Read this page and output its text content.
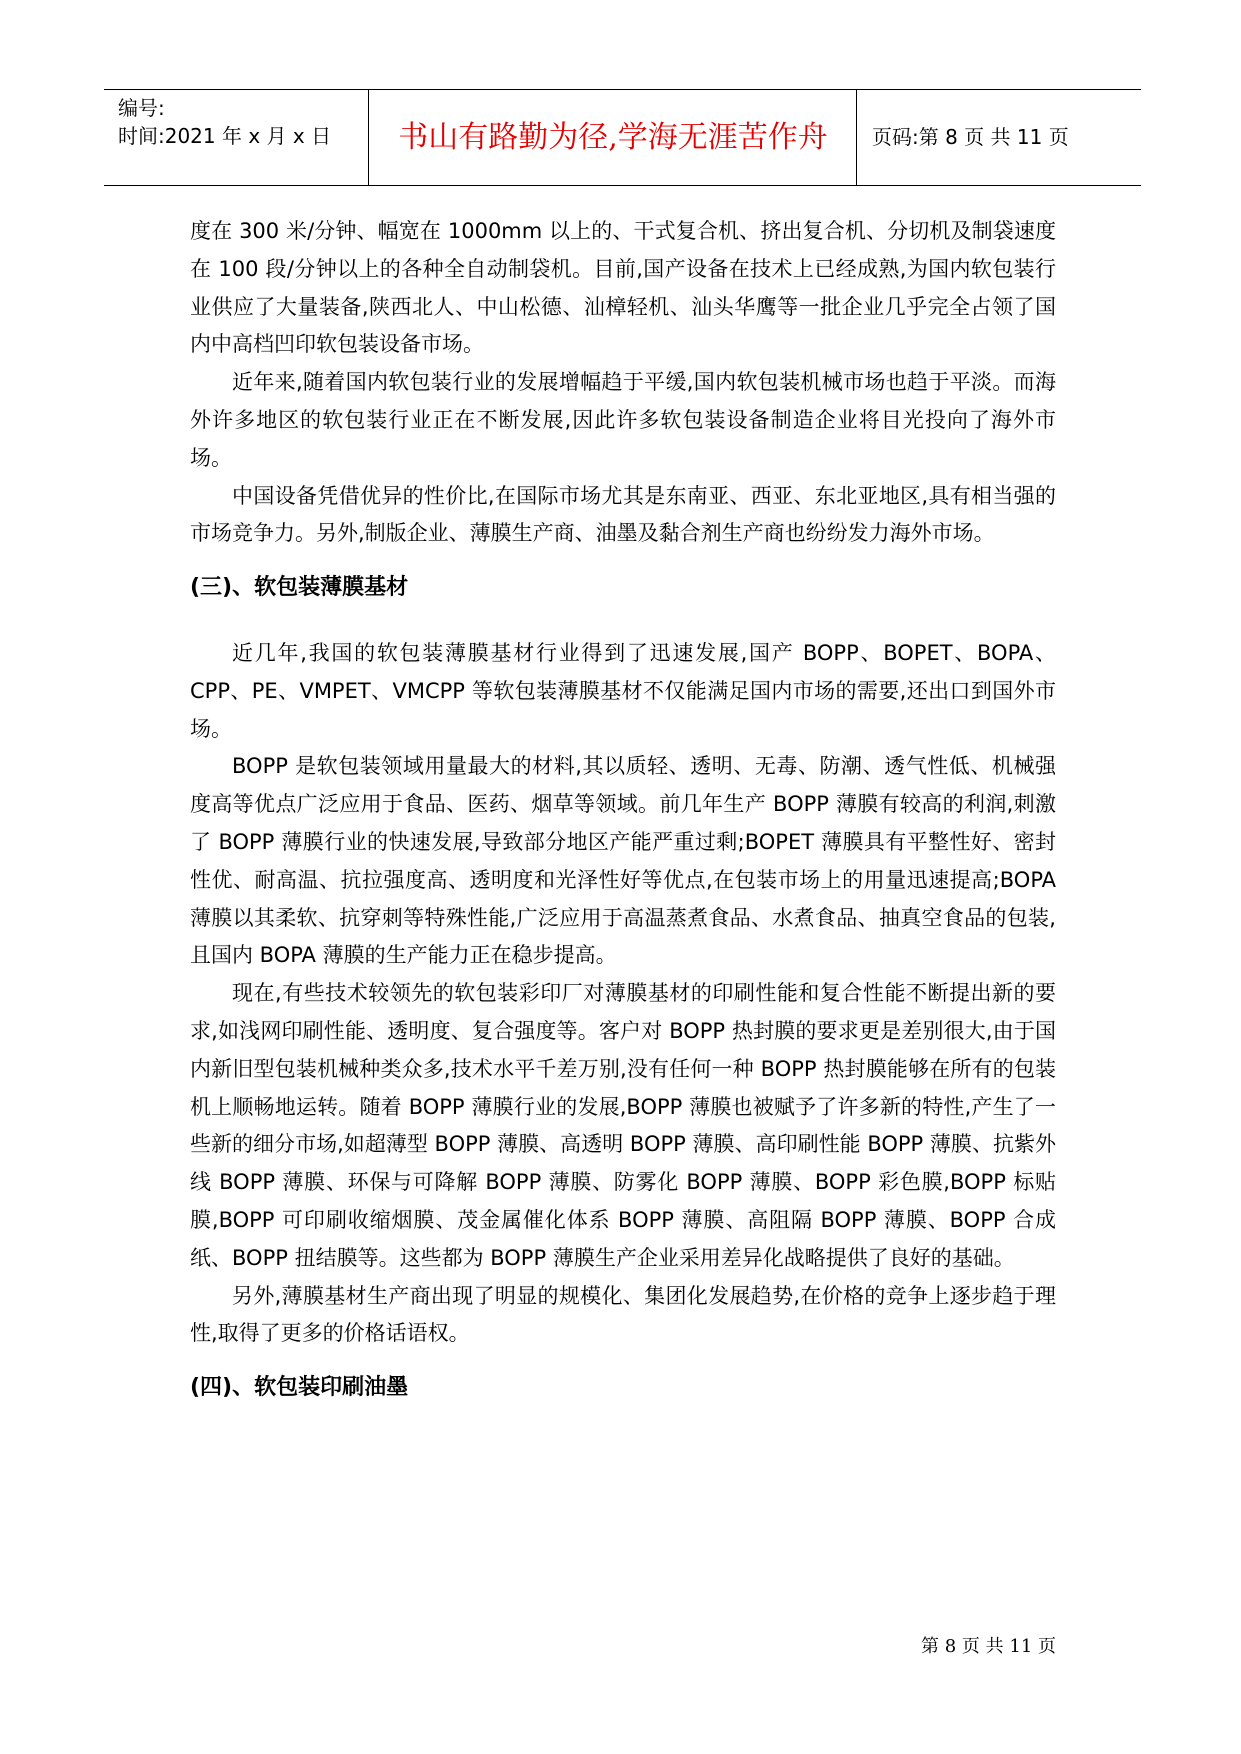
编号:
时间:2021 年 x 月 x 日	书山有路勤为径,学海无涯苦作舟	页码:第 8 页 共 11 页

度在 300 米/分钟、幅宽在 1000mm 以上的、干式复合机、挤出复合机、分切机及制袋速度在 100 段/分钟以上的各种全自动制袋机。目前,国产设备在技术上已经成熟,为国内软包装行业供应了大量装备,陕西北人、中山松德、汕樟轻机、汕头华鹰等一批企业几乎完全占领了国内中高档凹印软包装设备市场。

近年来,随着国内软包装行业的发展增幅趋于平缓,国内软包装机械市场也趋于平淡。而海外许多地区的软包装行业正在不断发展,因此许多软包装设备制造企业将目光投向了海外市场。

中国设备凭借优异的性价比,在国际市场尤其是东南亚、西亚、东北亚地区,具有相当强的市场竞争力。另外,制版企业、薄膜生产商、油墨及黏合剂生产商也纷纷发力海外市场。

(三)、软包装薄膜基材

近几年,我国的软包装薄膜基材行业得到了迅速发展,国产 BOPP、BOPET、BOPA、CPP、PE、VMPET、VMCPP 等软包装薄膜基材不仅能满足国内市场的需要,还出口到国外市场。

BOPP 是软包装领域用量最大的材料,其以质轻、透明、无毒、防潮、透气性低、机械强度高等优点广泛应用于食品、医药、烟草等领域。前几年生产 BOPP 薄膜有较高的利润,刺激了 BOPP 薄膜行业的快速发展,导致部分地区产能严重过剩;BOPET 薄膜具有平整性好、密封性优、耐高温、抗拉强度高、透明度和光泽性好等优点,在包装市场上的用量迅速提高;BOPA 薄膜以其柔软、抗穿刺等特殊性能,广泛应用于高温蒸煮食品、水煮食品、抽真空食品的包装,且国内 BOPA 薄膜的生产能力正在稳步提高。

现在,有些技术较领先的软包装彩印厂对薄膜基材的印刷性能和复合性能不断提出新的要求,如浅网印刷性能、透明度、复合强度等。客户对 BOPP 热封膜的要求更是差别很大,由于国内新旧型包装机械种类众多,技术水平千差万别,没有任何一种 BOPP 热封膜能够在所有的包装机上顺畅地运转。随着 BOPP 薄膜行业的发展,BOPP 薄膜也被赋予了许多新的特性,产生了一些新的细分市场,如超薄型 BOPP 薄膜、高透明 BOPP 薄膜、高印刷性能 BOPP 薄膜、抗紫外线 BOPP 薄膜、环保与可降解 BOPP 薄膜、防雾化 BOPP 薄膜、BOPP 彩色膜,BOPP 标贴膜,BOPP 可印刷收缩烟膜、茂金属催化体系 BOPP 薄膜、高阻隔 BOPP 薄膜、BOPP 合成纸、BOPP 扭结膜等。这些都为 BOPP 薄膜生产企业采用差异化战略提供了良好的基础。

另外,薄膜基材生产商出现了明显的规模化、集团化发展趋势,在价格的竞争上逐步趋于理性,取得了更多的价格话语权。

(四)、软包装印刷油墨
第 8 页 共 11 页
